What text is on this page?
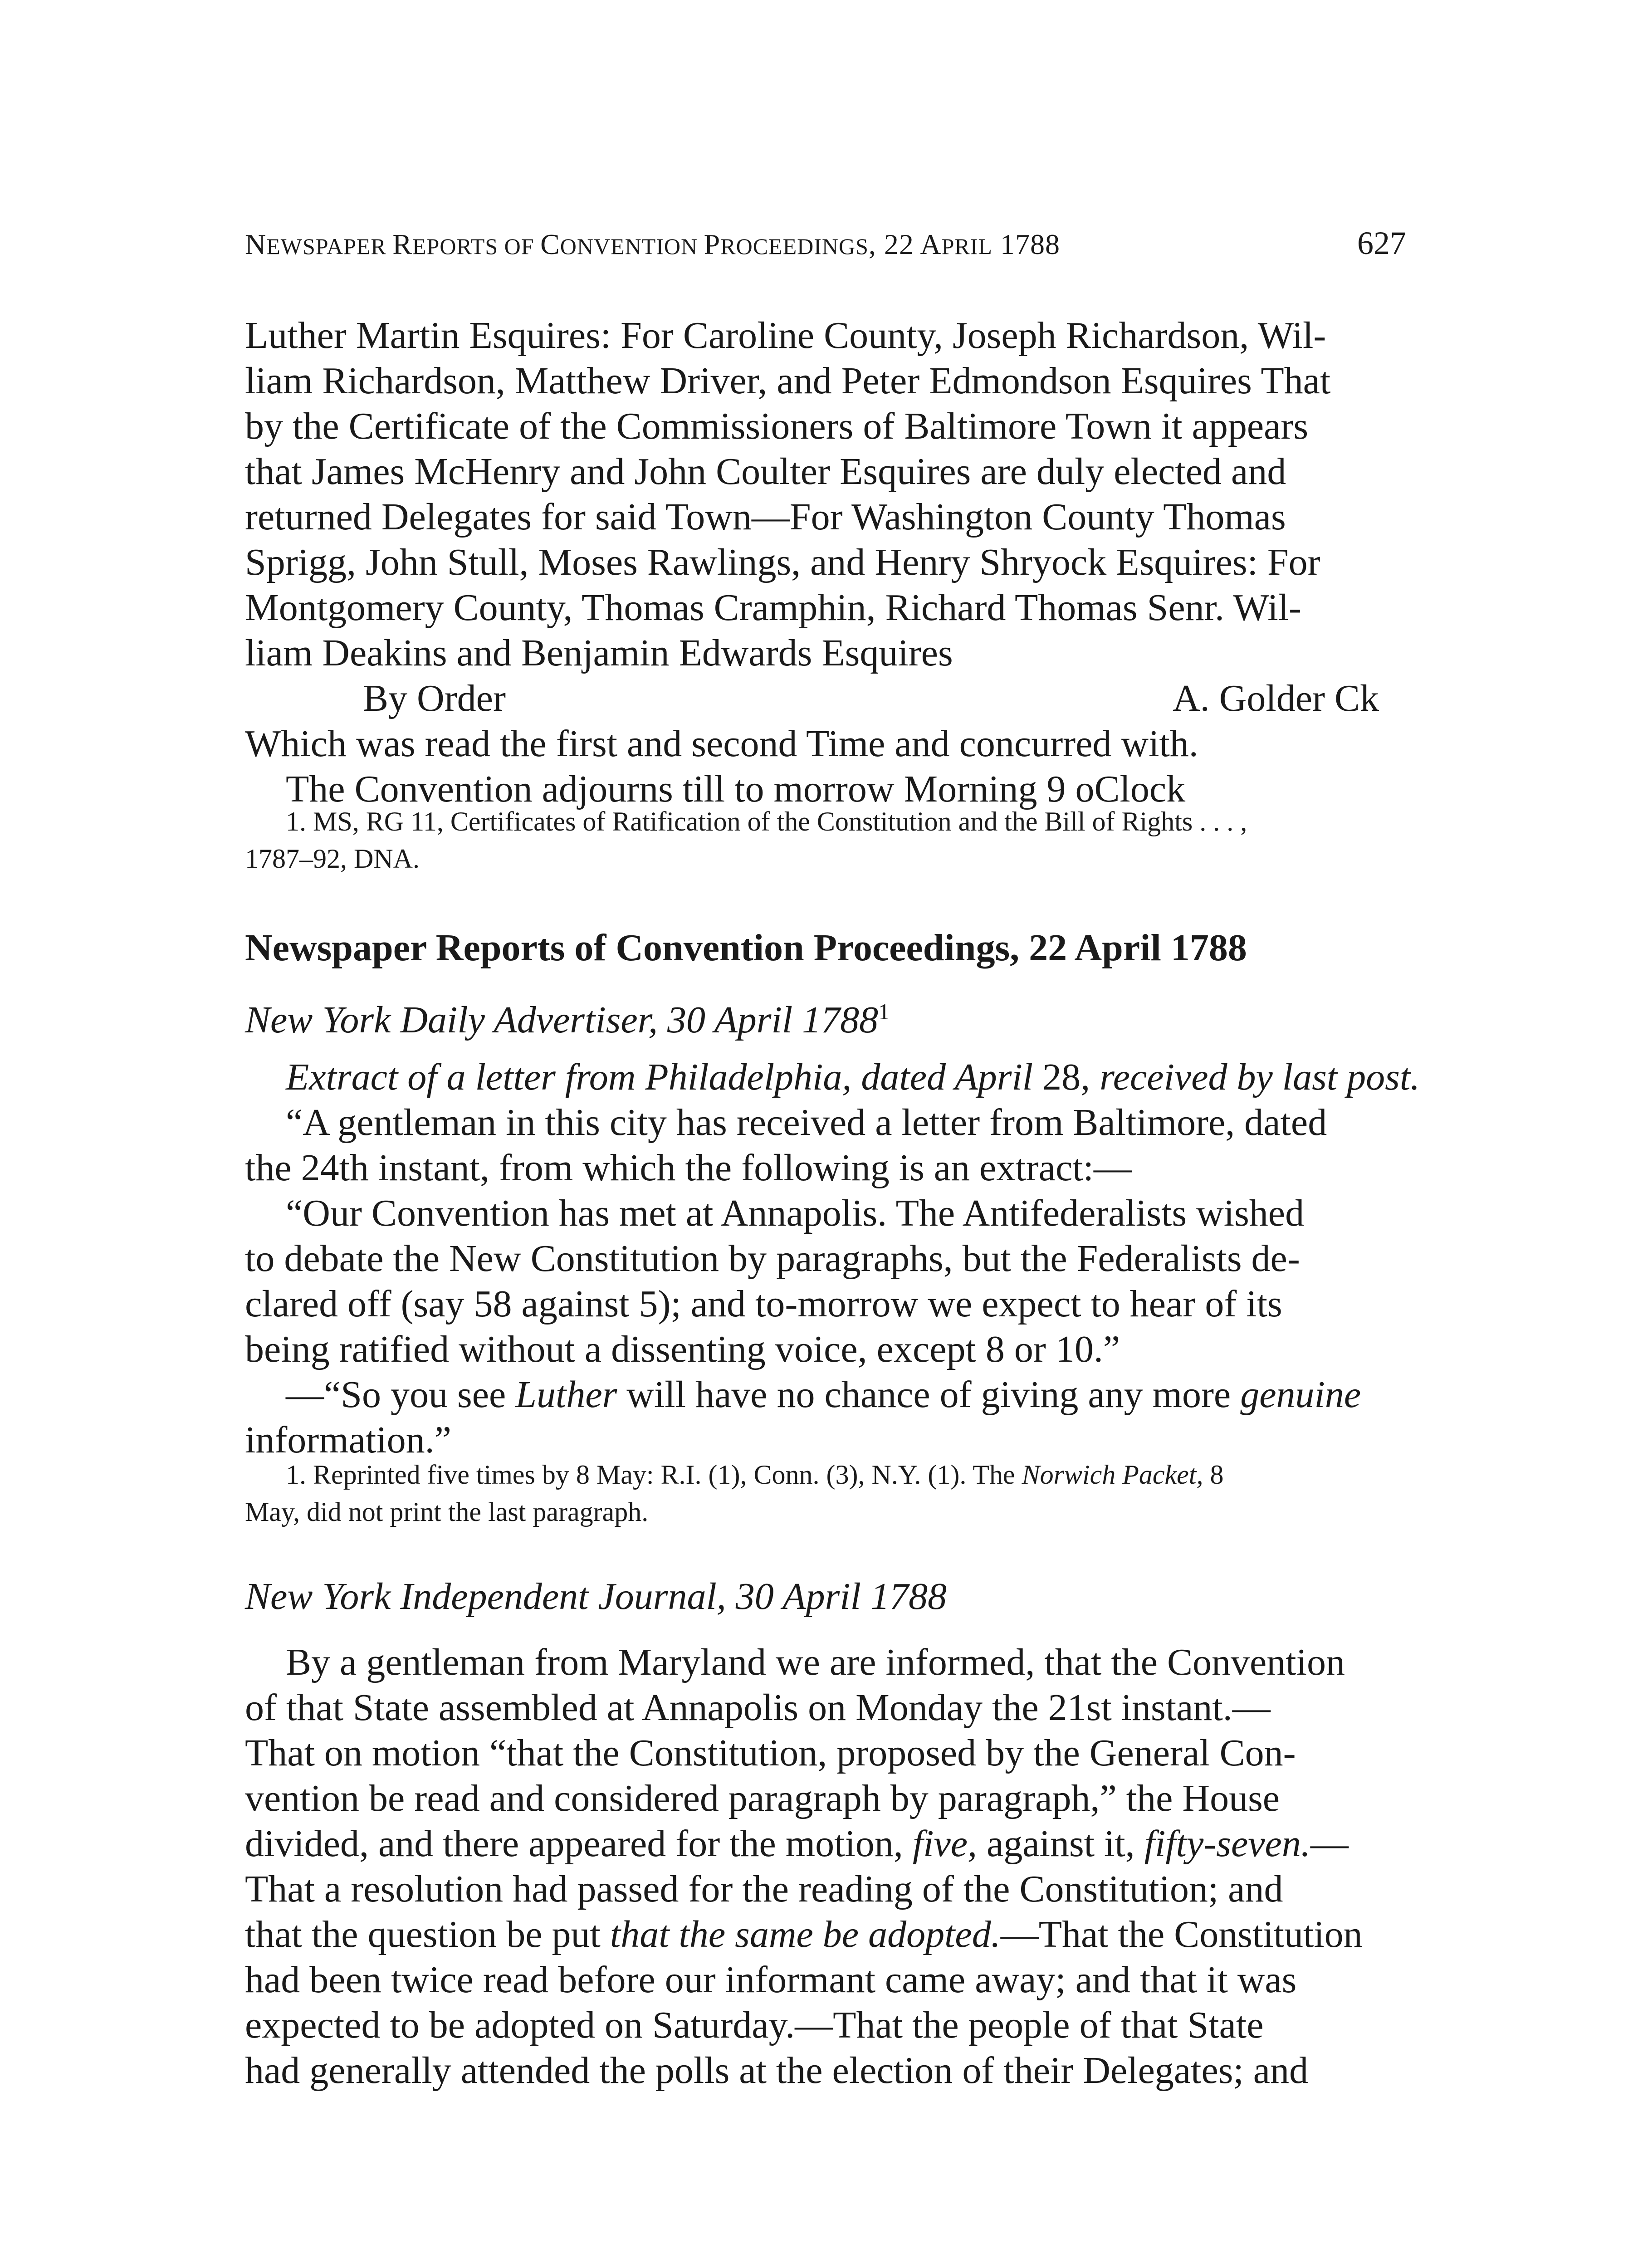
NEWSPAPER REPORTS OF CONVENTION PROCEEDINGS, 22 APRIL 1788	627
Luther Martin Esquires: For Caroline County, Joseph Richardson, Wil-
liam Richardson, Matthew Driver, and Peter Edmondson Esquires That
by the Certificate of the Commissioners of Baltimore Town it appears
that James McHenry and John Coulter Esquires are duly elected and
returned Delegates for said Town—For Washington County Thomas
Sprigg, John Stull, Moses Rawlings, and Henry Shryock Esquires: For
Montgomery County, Thomas Cramphin, Richard Thomas Senr. Wil-
liam Deakins and Benjamin Edwards Esquires
By Order	A. Golder Ck
Which was read the first and second Time and concurred with.
The Convention adjourns till to morrow Morning 9 oClock
1. MS, RG 11, Certificates of Ratification of the Constitution and the Bill of Rights . . . ,
1787–92, DNA.
Newspaper Reports of Convention Proceedings, 22 April 1788
New York Daily Advertiser, 30 April 1788$^1$
Extract of a letter from Philadelphia, dated April 28, received by last post.
“A gentleman in this city has received a letter from Baltimore, dated
the 24th instant, from which the following is an extract:—
“Our Convention has met at Annapolis. The Antifederalists wished
to debate the New Constitution by paragraphs, but the Federalists de-
clared off (say 58 against 5); and to-morrow we expect to hear of its
being ratified without a dissenting voice, except 8 or 10.”
—“So you see Luther will have no chance of giving any more genuine
information.”
1. Reprinted five times by 8 May: R.I. (1), Conn. (3), N.Y. (1). The Norwich Packet, 8
May, did not print the last paragraph.
New York Independent Journal, 30 April 1788
By a gentleman from Maryland we are informed, that the Convention
of that State assembled at Annapolis on Monday the 21st instant.—
That on motion “that the Constitution, proposed by the General Con-
vention be read and considered paragraph by paragraph,” the House
divided, and there appeared for the motion, five, against it, fifty-seven.—
That a resolution had passed for the reading of the Constitution; and
that the question be put that the same be adopted.—That the Constitution
had been twice read before our informant came away; and that it was
expected to be adopted on Saturday.—That the people of that State
had generally attended the polls at the election of their Delegates; and
